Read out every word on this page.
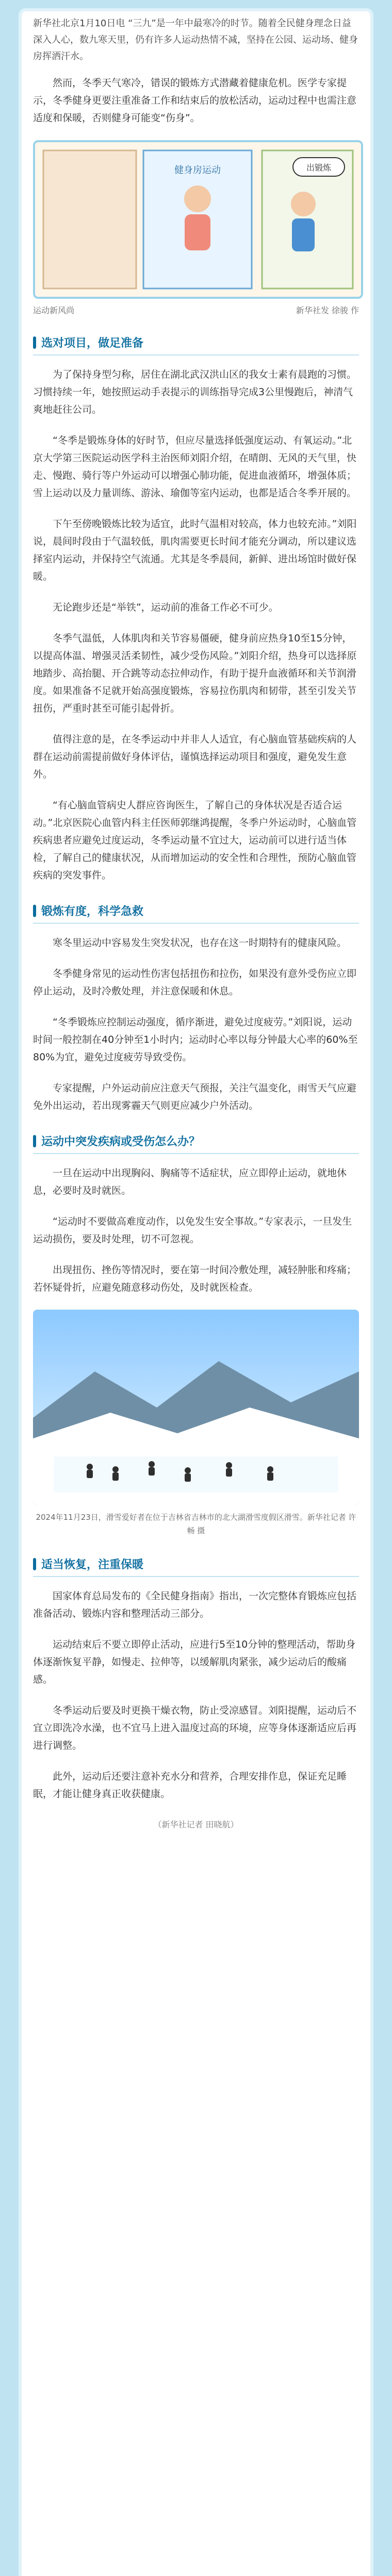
新华社北京1月10日电 “三九”是一年中最寒冷的时节。随着全民健身理念日益深入人心，数九寒天里，仍有许多人运动热情不减，坚持在公园、运动场、健身房挥洒汗水。

然而，冬季天气寒冷，错误的锻炼方式潜藏着健康危机。医学专家提示，冬季健身更要注重准备工作和结束后的放松活动，运动过程中也需注意适度和保暖，否则健身可能变“伤身”。

健身房运动	出锻炼
运动新风尚	新华社发 徐骏 作
选对项目，做足准备

为了保持身型匀称，居住在湖北武汉洪山区的我女士素有晨跑的习惯。习惯持续一年，她按照运动手表提示的训练指导完成3公里慢跑后，神清气爽地赶往公司。

“冬季是锻炼身体的好时节，但应尽量选择低强度运动、有氧运动。”北京大学第三医院运动医学科主治医师刘阳介绍，在晴朗、无风的天气里，快走、慢跑、骑行等户外运动可以增强心肺功能，促进血液循环，增强体质；雪上运动以及力量训练、游泳、瑜伽等室内运动，也都是适合冬季开展的。

下午至傍晚锻炼比较为适宜，此时气温相对较高，体力也较充沛。”刘阳说，晨间时段由于气温较低，肌肉需要更长时间才能充分调动，所以建议选择室内运动，并保持空气流通。尤其是冬季晨间，新鲜、进出场馆时做好保暖。

无论跑步还是“举铁”，运动前的准备工作必不可少。

冬季气温低，人体肌肉和关节容易僵硬，健身前应热身10至15分钟，以提高体温、增强灵活柔韧性，减少受伤风险。”刘阳介绍，热身可以选择原地踏步、高抬腿、开合跳等动态拉伸动作，有助于提升血液循环和关节润滑度。如果准备不足就开始高强度锻炼，容易拉伤肌肉和韧带，甚至引发关节扭伤，严重时甚至可能引起骨折。

值得注意的是，在冬季运动中并非人人适宜，有心脑血管基础疾病的人群在运动前需提前做好身体评估，谨慎选择运动项目和强度，避免发生意外。

“有心脑血管病史人群应咨询医生，了解自己的身体状况是否适合运动。”北京医院心血管内科主任医师郭继鸿提醒，冬季户外运动时，心脑血管疾病患者应避免过度运动，冬季运动量不宜过大，运动前可以进行适当体检，了解自己的健康状况，从而增加运动的安全性和合理性，预防心脑血管疾病的突发事件。

锻炼有度，科学急救

寒冬里运动中容易发生突发状况，也存在这一时期特有的健康风险。

冬季健身常见的运动性伤害包括扭伤和拉伤，如果没有意外受伤应立即停止运动，及时冷敷处理，并注意保暖和休息。

“冬季锻炼应控制运动强度，循序渐进，避免过度疲劳。”刘阳说，运动时间一般控制在40分钟至1小时内；运动时心率以每分钟最大心率的60%至80%为宜，避免过度疲劳导致受伤。

专家提醒，户外运动前应注意天气预报，关注气温变化，雨雪天气应避免外出运动，若出现雾霾天气则更应减少户外活动。

运动中突发疾病或受伤怎么办？

一旦在运动中出现胸闷、胸痛等不适症状，应立即停止运动，就地休息，必要时及时就医。

“运动时不要做高难度动作，以免发生安全事故。”专家表示，一旦发生运动损伤，要及时处理，切不可忽视。

出现扭伤、挫伤等情况时，要在第一时间冷敷处理，减轻肿胀和疼痛；若怀疑骨折，应避免随意移动伤处，及时就医检查。

2024年11月23日，滑雪爱好者在位于吉林省吉林市的北大湖滑雪度假区滑雪。新华社记者 许畅 摄

适当恢复，注重保暖

国家体育总局发布的《全民健身指南》指出，一次完整体育锻炼应包括准备活动、锻炼内容和整理活动三部分。

运动结束后不要立即停止活动，应进行5至10分钟的整理活动，帮助身体逐渐恢复平静，如慢走、拉伸等，以缓解肌肉紧张，减少运动后的酸痛感。

冬季运动后要及时更换干燥衣物，防止受凉感冒。刘阳提醒，运动后不宜立即洗冷水澡，也不宜马上进入温度过高的环境，应等身体逐渐适应后再进行调整。

此外，运动后还要注意补充水分和营养，合理安排作息，保证充足睡眠，才能让健身真正收获健康。

（新华社记者 田晓航）
